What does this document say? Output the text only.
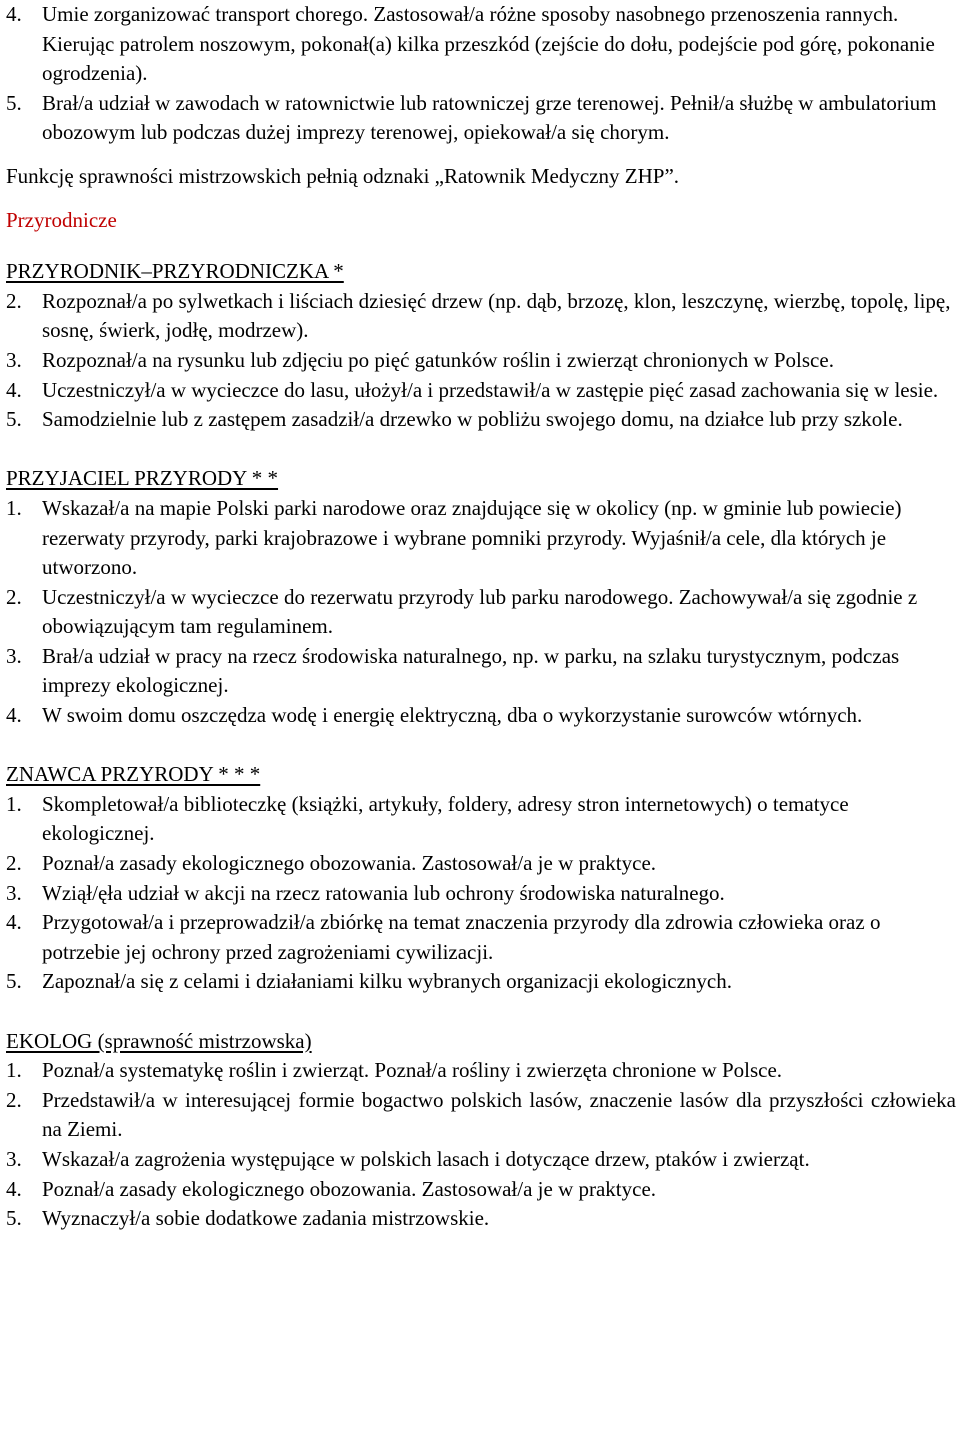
4. Umie zorganizować transport chorego. Zastosował/a różne sposoby nasobnego przenoszenia rannych. Kierując patrolem noszowym, pokonał(a) kilka przeszkód (zejście do dołu, podejście pod górę, pokonanie ogrodzenia).
5. Brał/a udział w zawodach w ratownictwie lub ratowniczej grze terenowej. Pełnił/a służbę w ambulatorium obozowym lub podczas dużej imprezy terenowej, opiekował/a się chorym.
Funkcję sprawności mistrzowskich pełnią odznaki „Ratownik Medyczny ZHP”.
Przyrodnicze
PRZYRODNIK–PRZYRODNICZKA *
2. Rozpoznał/a po sylwetkach i liściach dziesięć drzew (np. dąb, brzozę, klon, leszczynę, wierzbę, topolę, lipę, sosnę, świerk, jodłę, modrzew).
3. Rozpoznał/a na rysunku lub zdjęciu po pięć gatunków roślin i zwierząt chronionych w Polsce.
4. Uczestniczył/a w wycieczce do lasu, ułożył/a i przedstawił/a w zastępie pięć zasad zachowania się w lesie.
5. Samodzielnie lub z zastępem zasadził/a drzewko w pobliżu swojego domu, na działce lub przy szkole.
PRZYJACIEL PRZYRODY * *
1. Wskazał/a na mapie Polski parki narodowe oraz znajdujące się w okolicy (np. w gminie lub powiecie) rezerwaty przyrody, parki krajobrazowe i wybrane pomniki przyrody. Wyjaśnił/a cele, dla których je utworzono.
2. Uczestniczył/a w wycieczce do rezerwatu przyrody lub parku narodowego. Zachowywał/a się zgodnie z obowiązującym tam regulaminem.
3. Brał/a udział w pracy na rzecz środowiska naturalnego, np. w parku, na szlaku turystycznym, podczas imprezy ekologicznej.
4. W swoim domu oszczędza wodę i energię elektryczną, dba o wykorzystanie surowców wtórnych.
ZNAWCA PRZYRODY * * *
1. Skompletował/a biblioteczkę (książki, artykuły, foldery, adresy stron internetowych) o tematyce ekologicznej.
2. Poznał/a zasady ekologicznego obozowania. Zastosował/a je w praktyce.
3. Wziął/ęła udział w akcji na rzecz ratowania lub ochrony środowiska naturalnego.
4. Przygotował/a i przeprowadził/a zbiórkę na temat znaczenia przyrody dla zdrowia człowieka oraz o potrzebie jej ochrony przed zagrożeniami cywilizacji.
5. Zapoznał/a się z celami i działaniami kilku wybranych organizacji ekologicznych.
EKOLOG (sprawność mistrzowska)
1. Poznał/a systematykę roślin i zwierząt. Poznał/a rośliny i zwierzęta chronione w Polsce.
2. Przedstawił/a w interesującej formie bogactwo polskich lasów, znaczenie lasów dla przyszłości człowieka na Ziemi.
3. Wskazał/a zagrożenia występujące w polskich lasach i dotyczące drzew, ptaków i zwierząt.
4. Poznał/a zasady ekologicznego obozowania. Zastosował/a je w praktyce.
5. Wyznaczył/a sobie dodatkowe zadania mistrzowskie.
